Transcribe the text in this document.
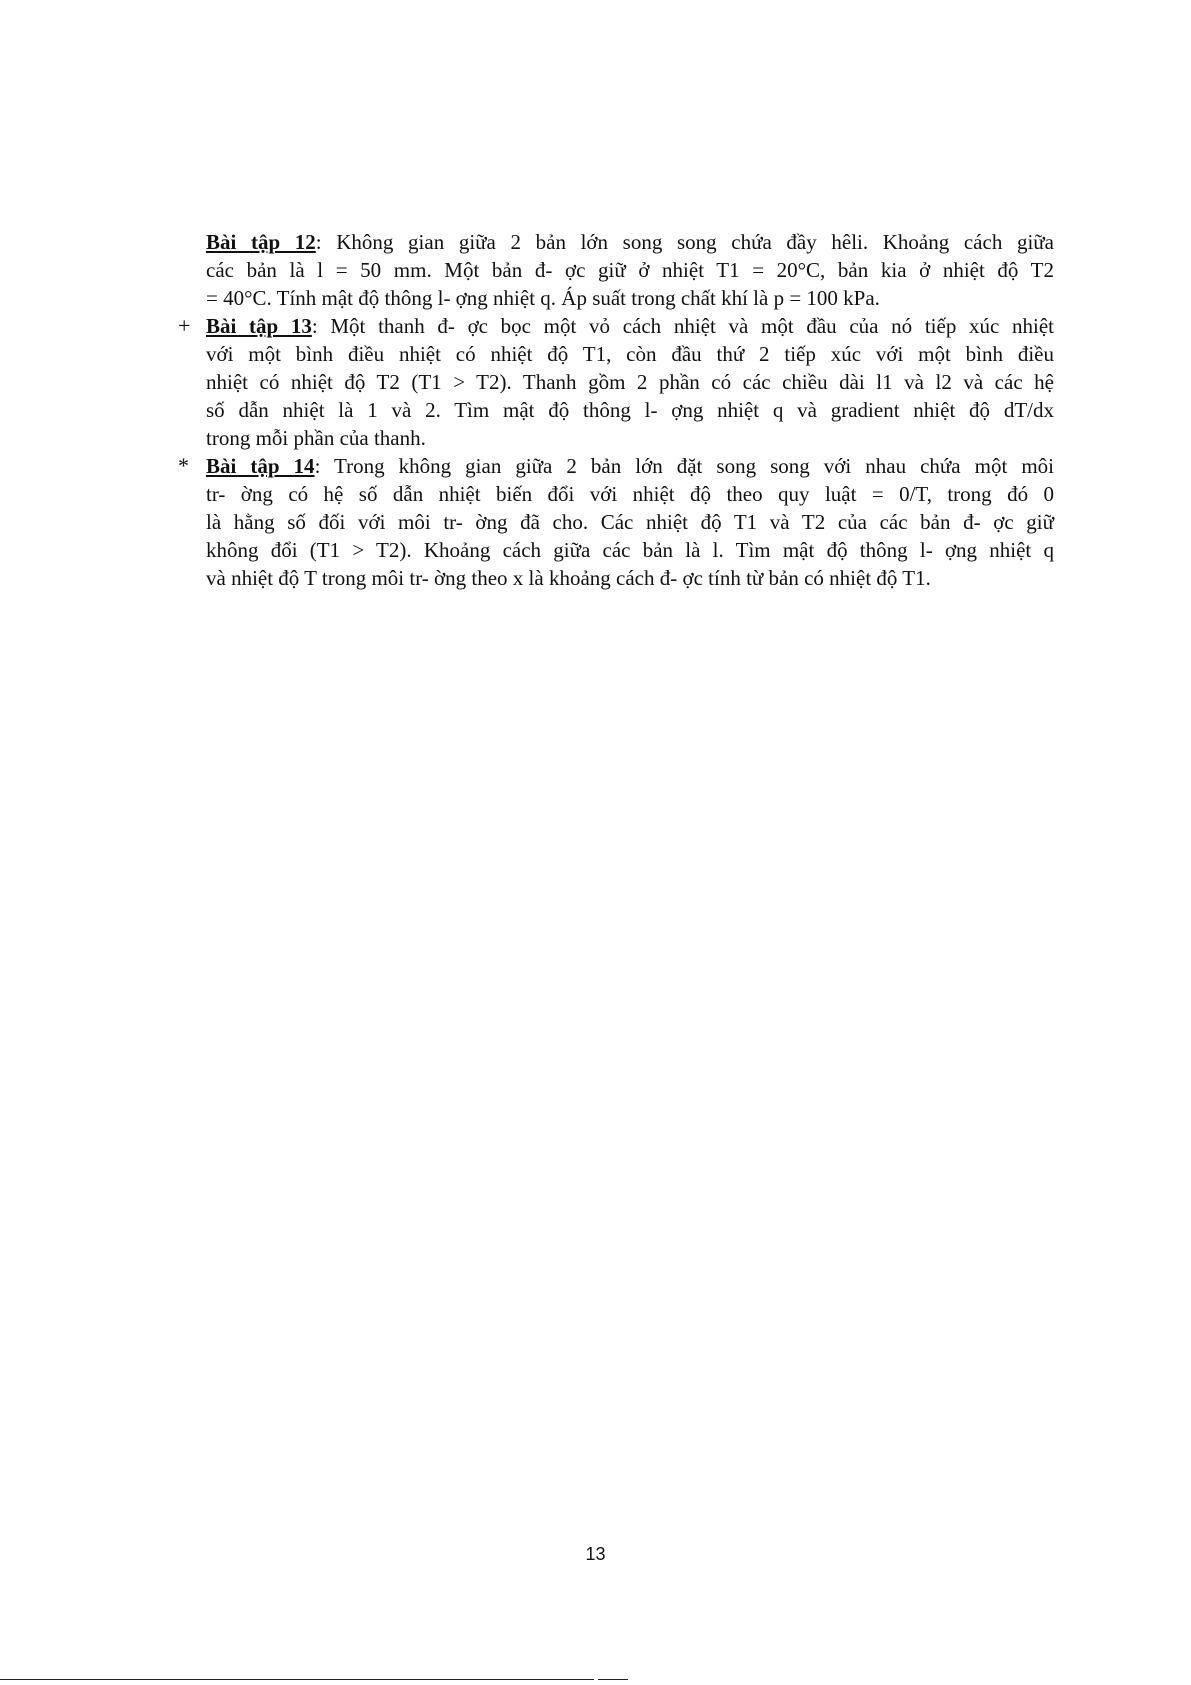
Bài tập 12: Không gian giữa 2 bản lớn song song chứa đầy hêli. Khoảng cách giữa
các bản là l = 50 mm. Một bản đ- ợc giữ ở nhiệt T1 = 20°C, bản kia ở nhiệt độ T2
= 40°C. Tính mật độ thông l- ợng nhiệt q. Áp suất trong chất khí là p = 100 kPa.
+ Bài tập 13: Một thanh đ- ợc bọc một vỏ cách nhiệt và một đầu của nó tiếp xúc nhiệt
với một bình điều nhiệt có nhiệt độ T1, còn đầu thứ 2 tiếp xúc với một bình điều
nhiệt có nhiệt độ T2 (T1 > T2). Thanh gồm 2 phần có các chiều dài l1 và l2 và các hệ
số dẫn nhiệt là 1 và 2. Tìm mật độ thông l- ợng nhiệt q và gradient nhiệt độ dT/dx
trong mỗi phần của thanh.
* Bài tập 14: Trong không gian giữa 2 bản lớn đặt song song với nhau chứa một môi
tr- ờng có hệ số dẫn nhiệt biến đổi với nhiệt độ theo quy luật = 0/T, trong đó 0
là hằng số đối với môi tr- ờng đã cho. Các nhiệt độ T1 và T2 của các bản đ- ợc giữ
không đổi (T1 > T2). Khoảng cách giữa các bản là l. Tìm mật độ thông l- ợng nhiệt q
và nhiệt độ T trong môi tr- ờng theo x là khoảng cách đ- ợc tính từ bản có nhiệt độ T1.
13
